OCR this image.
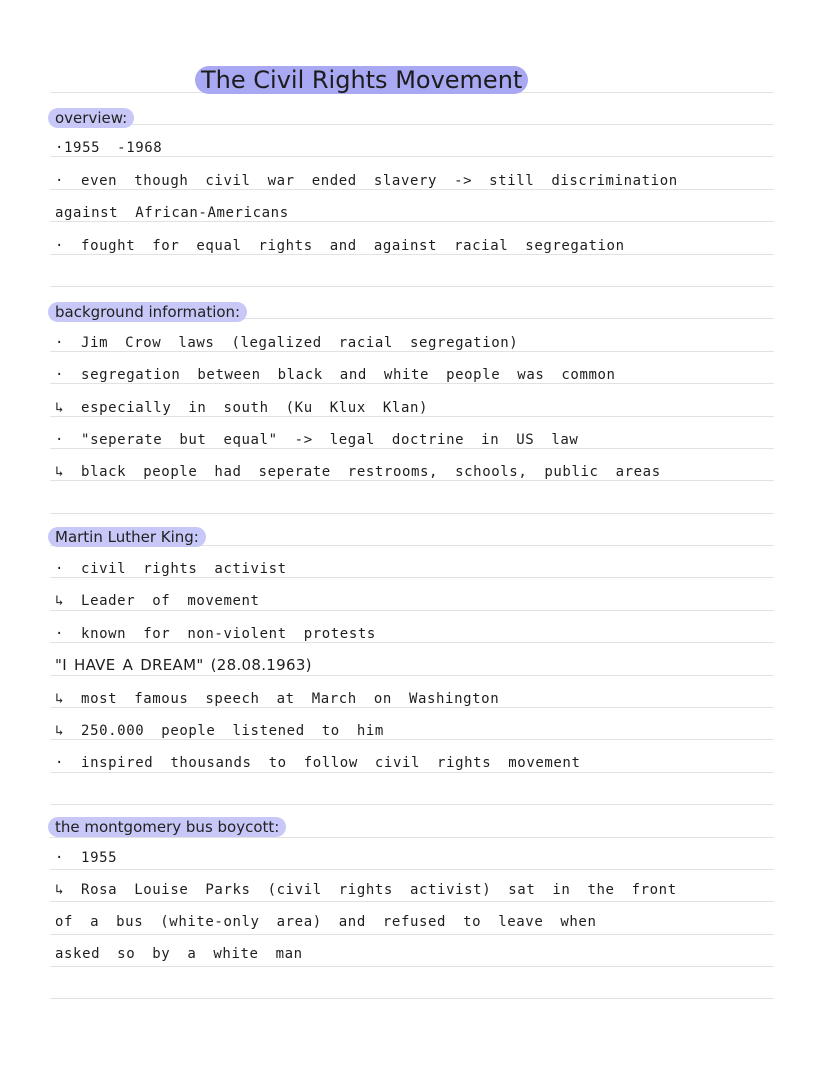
The Civil Rights Movement
overview:
·1955 -1968
· even though civil war ended slavery -> still discrimination
against African-Americans
· fought for equal rights and against racial segregation
background information:
· Jim Crow laws (legalized racial segregation)
· segregation between black and white people was common
↳ especially in south (Ku Klux Klan)
· "seperate but equal" -> legal doctrine in US law
↳ black people had seperate restrooms, schools, public areas
Martin Luther King:
· civil rights activist
↳ Leader of movement
· known for non-violent protests
"I HAVE A DREAM" (28.08.1963)
↳ most famous speech at March on Washington
↳ 250.000 people listened to him
· inspired thousands to follow civil rights movement
the montgomery bus boycott:
· 1955
↳ Rosa Louise Parks (civil rights activist) sat in the front
of a bus (white-only area) and refused to leave when
asked so by a white man
